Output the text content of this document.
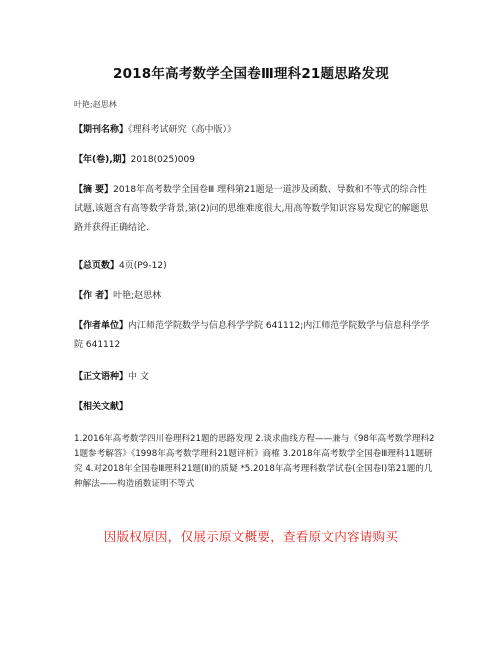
2018年高考数学全国卷Ⅲ理科21题思路发现
叶艳;赵思林
【期刊名称】《理科考试研究（高中版）》
【年(卷),期】2018(025)009
【摘 要】2018年高考数学全国卷Ⅲ 理科第21题是一道涉及函数、导数和不等式的综合性试题,该题含有高等数学背景,第(2)问的思维难度很大,用高等数学知识容易发现它的解题思路并获得正确结论.
【总页数】4页(P9-12)
【作 者】叶艳;赵思林
【作者单位】内江师范学院数学与信息科学学院 641112;内江师范学院数学与信息科学学院 641112
【正文语种】中 文
【相关文献】
1.2016年高考数学四川卷理科21题的思路发现 2.谈求曲线方程——兼与《98年高考数学理科21题参考解答》《1998年高考数学理科21题评析》商榷 3.2018年高考数学全国卷Ⅲ理科11题研究 4.对2018年全国卷Ⅲ理科21题(Ⅱ)的质疑 *5.2018年高考理科数学试卷(全国卷Ⅰ)第21题的几种解法——构造函数证明不等式
因版权原因，仅展示原文概要，查看原文内容请购买
